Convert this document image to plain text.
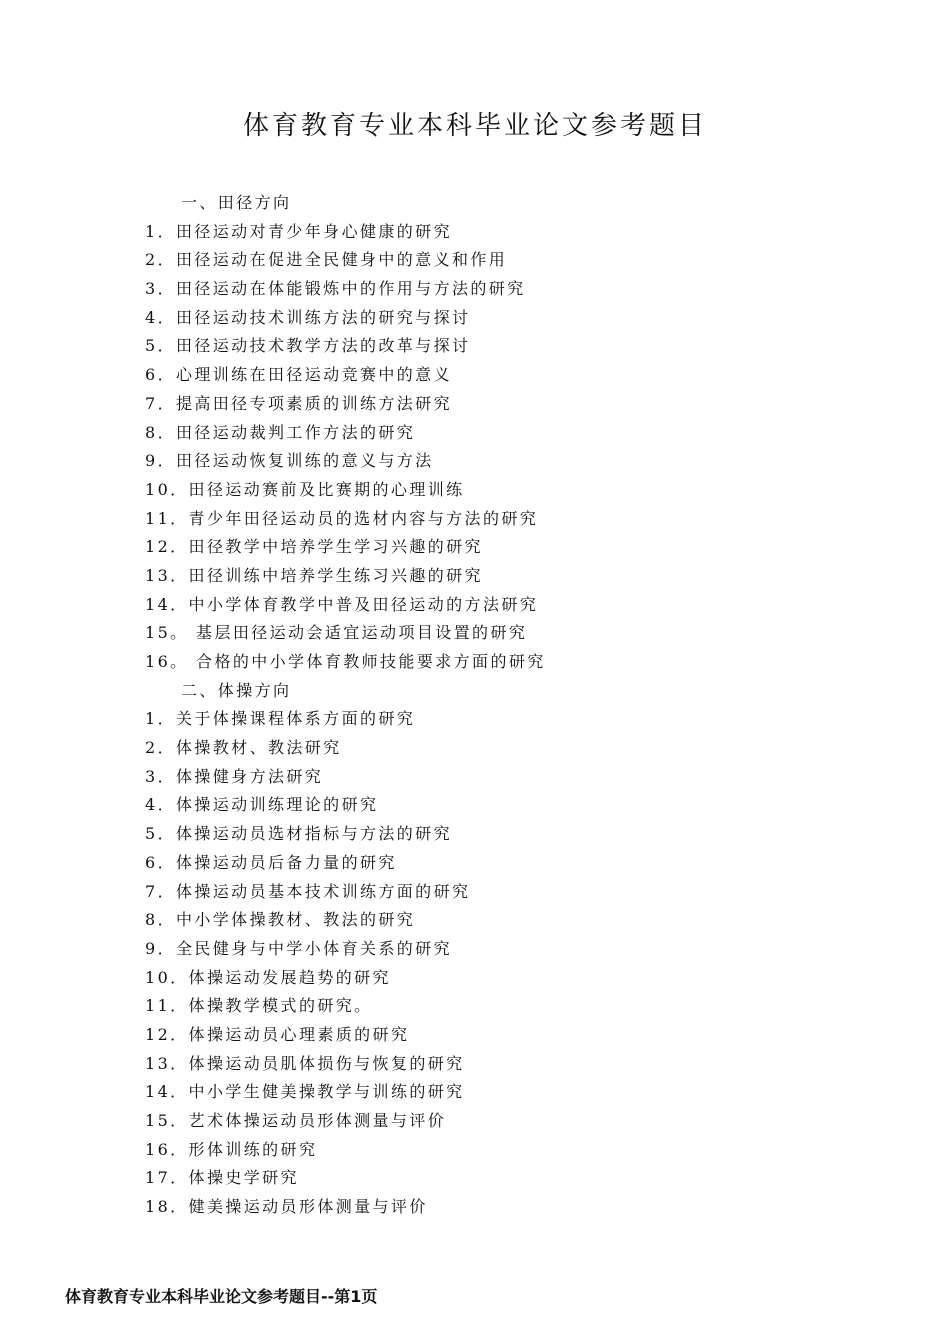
体育教育专业本科毕业论文参考题目
一、田径方向
1．田径运动对青少年身心健康的研究
2．田径运动在促进全民健身中的意义和作用
3．田径运动在体能锻炼中的作用与方法的研究
4．田径运动技术训练方法的研究与探讨
5．田径运动技术教学方法的改革与探讨
6．心理训练在田径运动竞赛中的意义
7．提高田径专项素质的训练方法研究
8．田径运动裁判工作方法的研究
9．田径运动恢复训练的意义与方法
10．田径运动赛前及比赛期的心理训练
11．青少年田径运动员的选材内容与方法的研究
12．田径教学中培养学生学习兴趣的研究
13．田径训练中培养学生练习兴趣的研究
14．中小学体育教学中普及田径运动的方法研究
15。 基层田径运动会适宜运动项目设置的研究
16。 合格的中小学体育教师技能要求方面的研究
二、体操方向
1．关于体操课程体系方面的研究
2．体操教材、教法研究
3．体操健身方法研究
4．体操运动训练理论的研究
5．体操运动员选材指标与方法的研究
6．体操运动员后备力量的研究
7．体操运动员基本技术训练方面的研究
8．中小学体操教材、教法的研究
9．全民健身与中学小体育关系的研究
10．体操运动发展趋势的研究
11．体操教学模式的研究。
12．体操运动员心理素质的研究
13．体操运动员肌体损伤与恢复的研究
14．中小学生健美操教学与训练的研究
15．艺术体操运动员形体测量与评价
16．形体训练的研究
17．体操史学研究
18．健美操运动员形体测量与评价
体育教育专业本科毕业论文参考题目--第1页
